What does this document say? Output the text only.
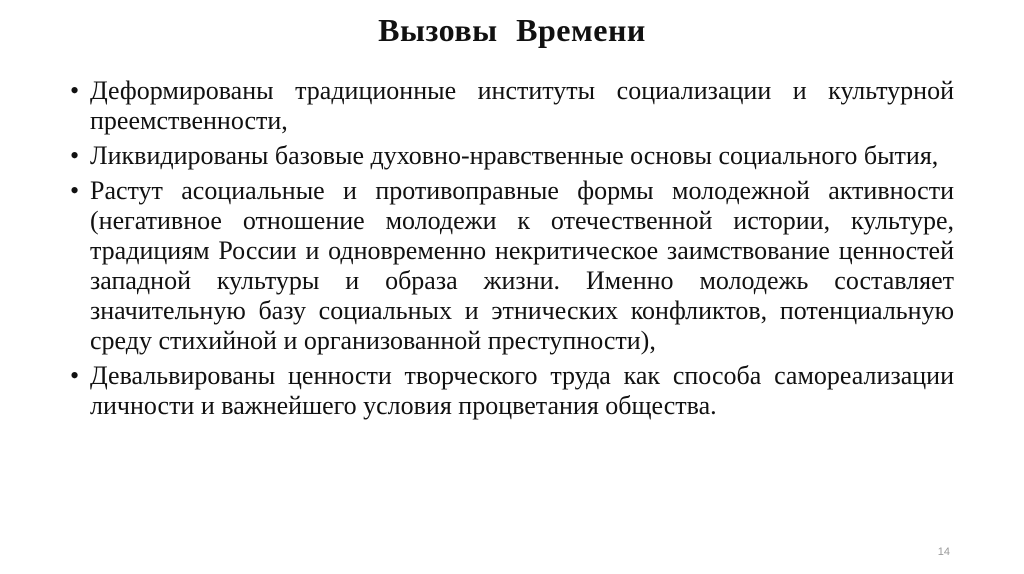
Вызовы Времени
• Деформированы традиционные институты социализации и культурной преемственности,
• Ликвидированы базовые духовно-нравственные основы социального бытия,
• Растут асоциальные и противоправные формы молодежной активности (негативное отношение молодежи к отечественной истории, культуре, традициям России и одновременно некритическое заимствование ценностей западной культуры и образа жизни. Именно молодежь составляет значительную базу социальных и этнических конфликтов, потенциальную среду стихийной и организованной преступности),
• Девальвированы ценности творческого труда как способа самореализации личности и важнейшего условия процветания общества.
14
